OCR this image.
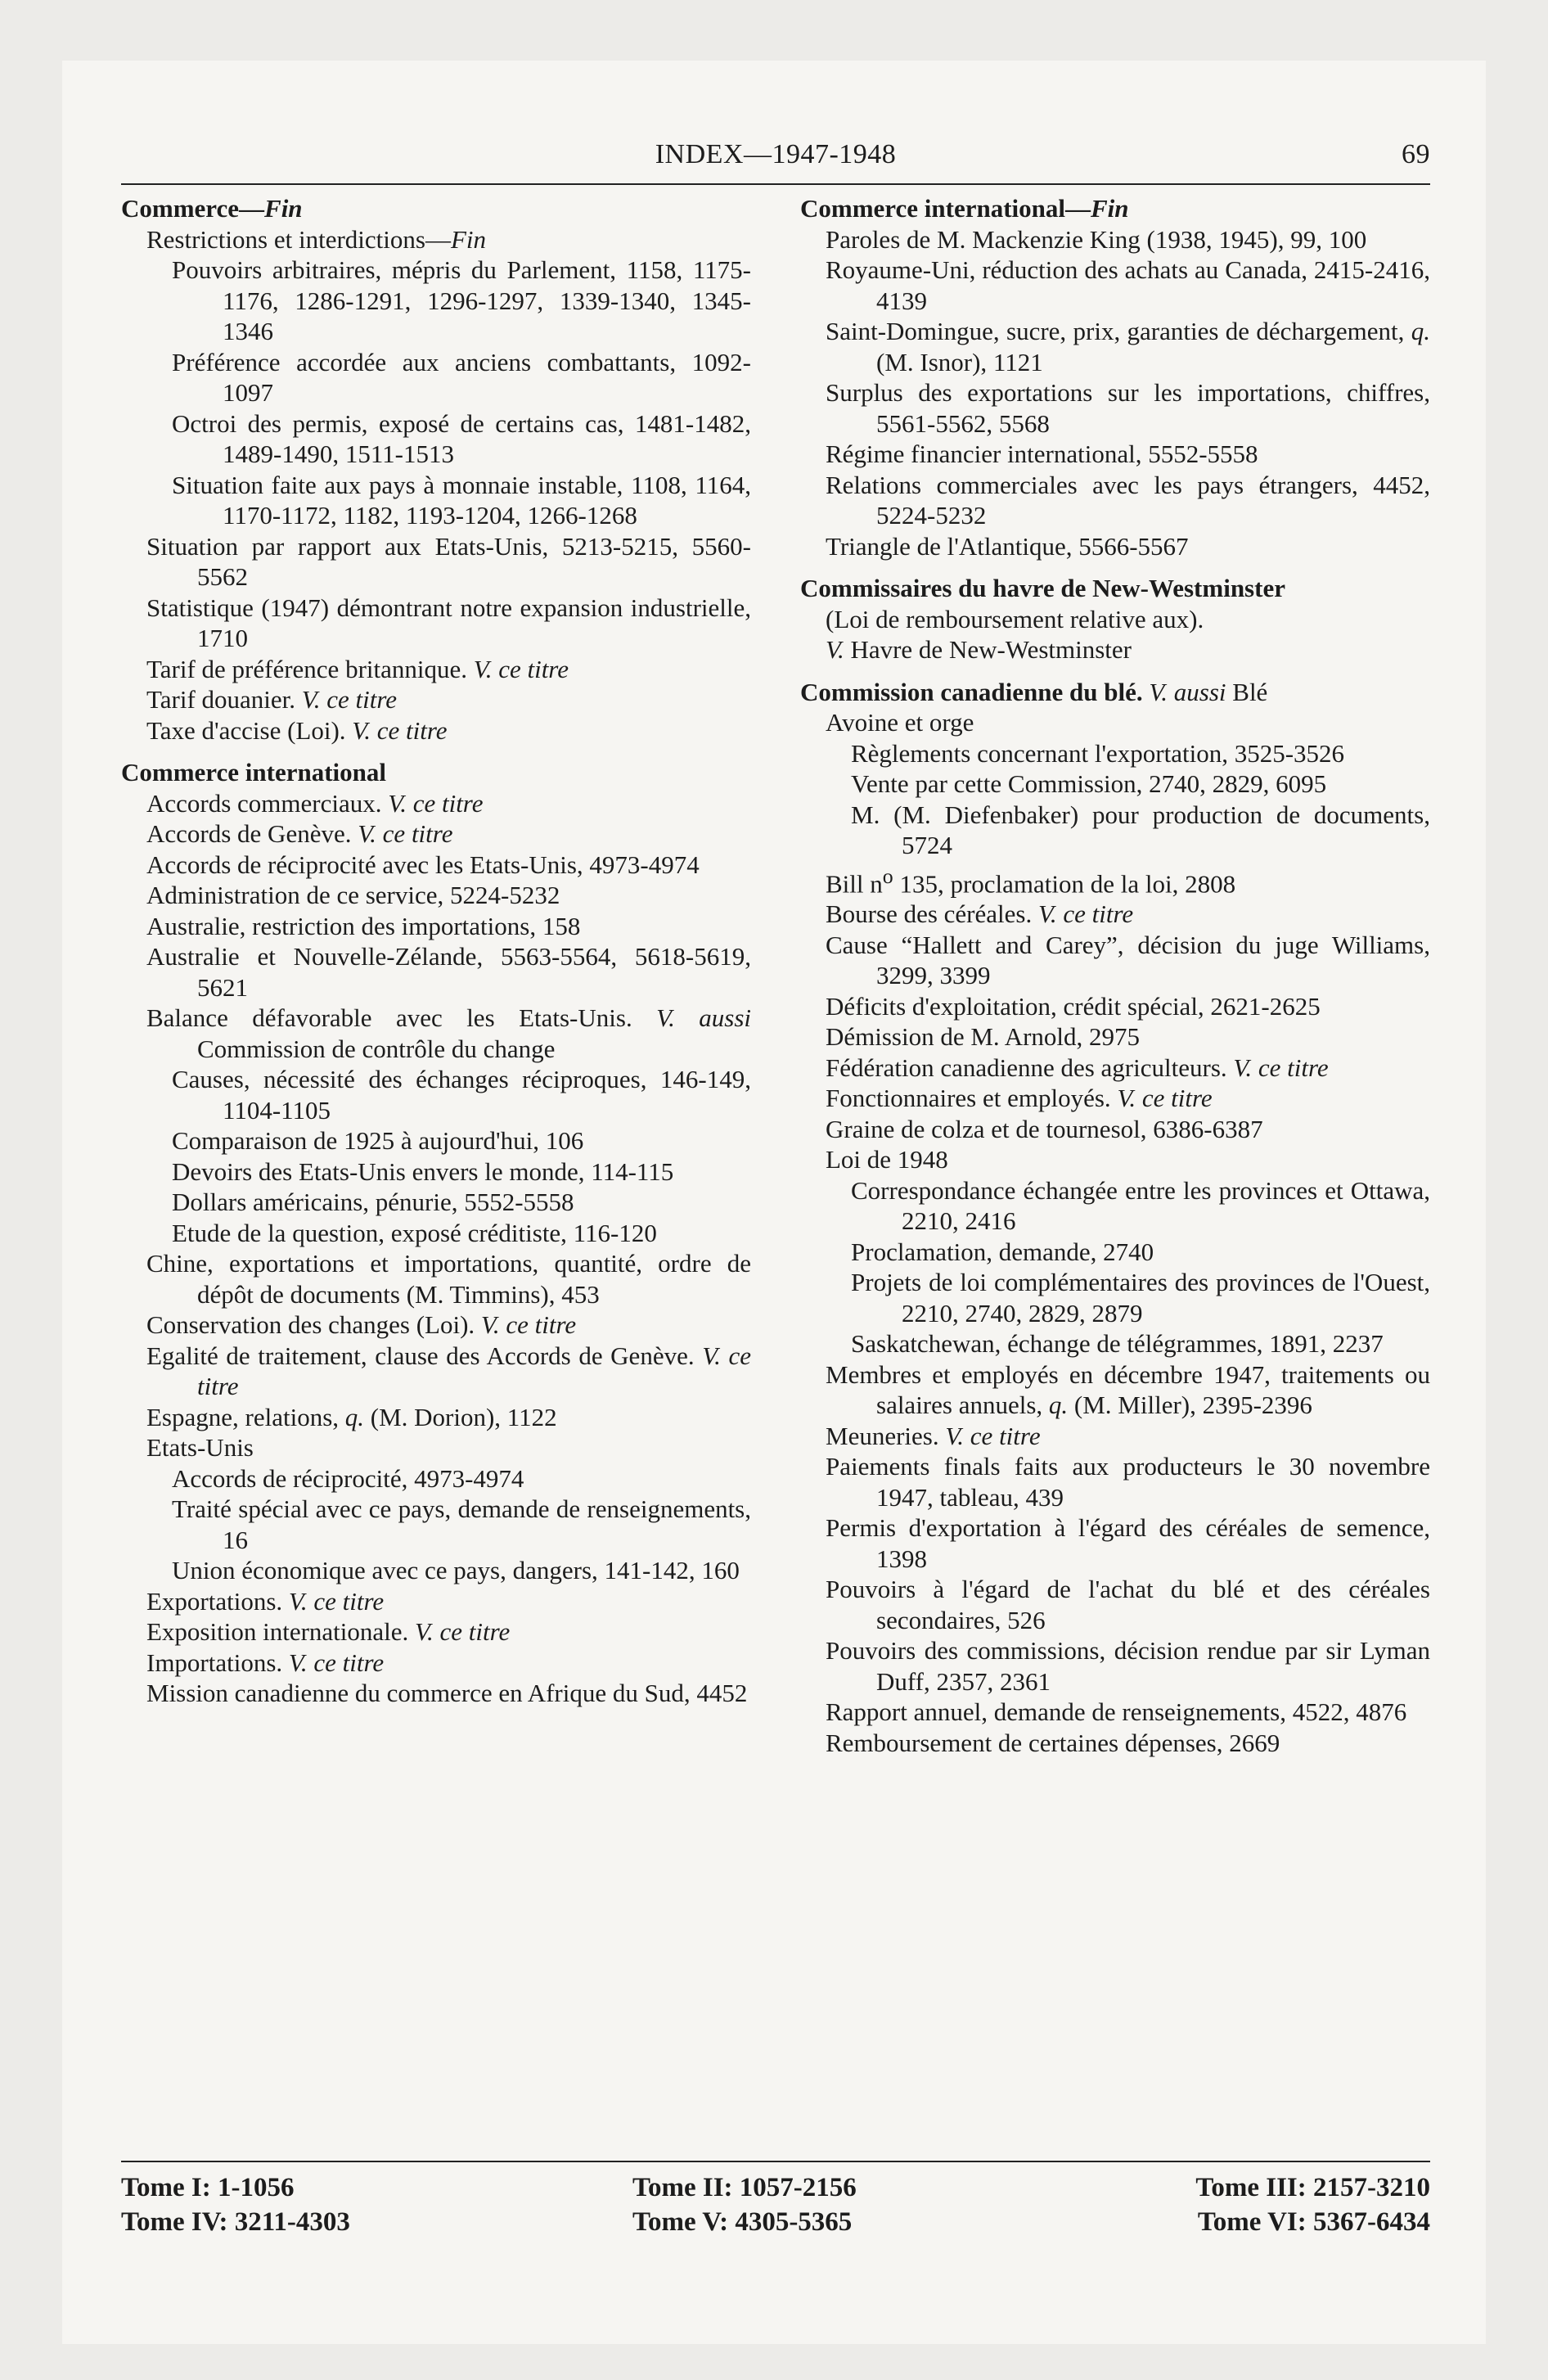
INDEX—1947-1948	69
Commerce—Fin
Restrictions et interdictions—Fin
Pouvoirs arbitraires, mépris du Parlement, 1158, 1175-1176, 1286-1291, 1296-1297, 1339-1340, 1345-1346
Préférence accordée aux anciens combattants, 1092-1097
Octroi des permis, exposé de certains cas, 1481-1482, 1489-1490, 1511-1513
Situation faite aux pays à monnaie instable, 1108, 1164, 1170-1172, 1182, 1193-1204, 1266-1268
Situation par rapport aux Etats-Unis, 5213-5215, 5560-5562
Statistique (1947) démontrant notre expansion industrielle, 1710
Tarif de préférence britannique. V. ce titre
Tarif douanier. V. ce titre
Taxe d'accise (Loi). V. ce titre
Commerce international
Accords commerciaux. V. ce titre
Accords de Genève. V. ce titre
Accords de réciprocité avec les Etats-Unis, 4973-4974
Administration de ce service, 5224-5232
Australie, restriction des importations, 158
Australie et Nouvelle-Zélande, 5563-5564, 5618-5619, 5621
Balance défavorable avec les Etats-Unis. V. aussi Commission de contrôle du change
Causes, nécessité des échanges réciproques, 146-149, 1104-1105
Comparaison de 1925 à aujourd'hui, 106
Devoirs des Etats-Unis envers le monde, 114-115
Dollars américains, pénurie, 5552-5558
Etude de la question, exposé créditiste, 116-120
Chine, exportations et importations, quantité, ordre de dépôt de documents (M. Timmins), 453
Conservation des changes (Loi). V. ce titre
Egalité de traitement, clause des Accords de Genève. V. ce titre
Espagne, relations, q. (M. Dorion), 1122
Etats-Unis
Accords de réciprocité, 4973-4974
Traité spécial avec ce pays, demande de renseignements, 16
Union économique avec ce pays, dangers, 141-142, 160
Exportations. V. ce titre
Exposition internationale. V. ce titre
Importations. V. ce titre
Mission canadienne du commerce en Afrique du Sud, 4452
Commerce international—Fin
Paroles de M. Mackenzie King (1938, 1945), 99, 100
Royaume-Uni, réduction des achats au Canada, 2415-2416, 4139
Saint-Domingue, sucre, prix, garanties de déchargement, q. (M. Isnor), 1121
Surplus des exportations sur les importations, chiffres, 5561-5562, 5568
Régime financier international, 5552-5558
Relations commerciales avec les pays étrangers, 4452, 5224-5232
Triangle de l'Atlantique, 5566-5567
Commissaires du havre de New-Westminster
(Loi de remboursement relative aux).
V. Havre de New-Westminster
Commission canadienne du blé. V. aussi Blé
Avoine et orge
Règlements concernant l'exportation, 3525-3526
Vente par cette Commission, 2740, 2829, 6095
M. (M. Diefenbaker) pour production de documents, 5724
Bill $n^o$ 135, proclamation de la loi, 2808
Bourse des céréales. V. ce titre
Cause “Hallett and Carey”, décision du juge Williams, 3299, 3399
Déficits d'exploitation, crédit spécial, 2621-2625
Démission de M. Arnold, 2975
Fédération canadienne des agriculteurs. V. ce titre
Fonctionnaires et employés. V. ce titre
Graine de colza et de tournesol, 6386-6387
Loi de 1948
Correspondance échangée entre les provinces et Ottawa, 2210, 2416
Proclamation, demande, 2740
Projets de loi complémentaires des provinces de l'Ouest, 2210, 2740, 2829, 2879
Saskatchewan, échange de télégrammes, 1891, 2237
Membres et employés en décembre 1947, traitements ou salaires annuels, q. (M. Miller), 2395-2396
Meuneries. V. ce titre
Paiements finals faits aux producteurs le 30 novembre 1947, tableau, 439
Permis d'exportation à l'égard des céréales de semence, 1398
Pouvoirs à l'égard de l'achat du blé et des céréales secondaires, 526
Pouvoirs des commissions, décision rendue par sir Lyman Duff, 2357, 2361
Rapport annuel, demande de renseignements, 4522, 4876
Remboursement de certaines dépenses, 2669
Tome I: 1-1056	Tome II: 1057-2156	Tome III: 2157-3210
Tome IV: 3211-4303	Tome V: 4305-5365	Tome VI: 5367-6434
